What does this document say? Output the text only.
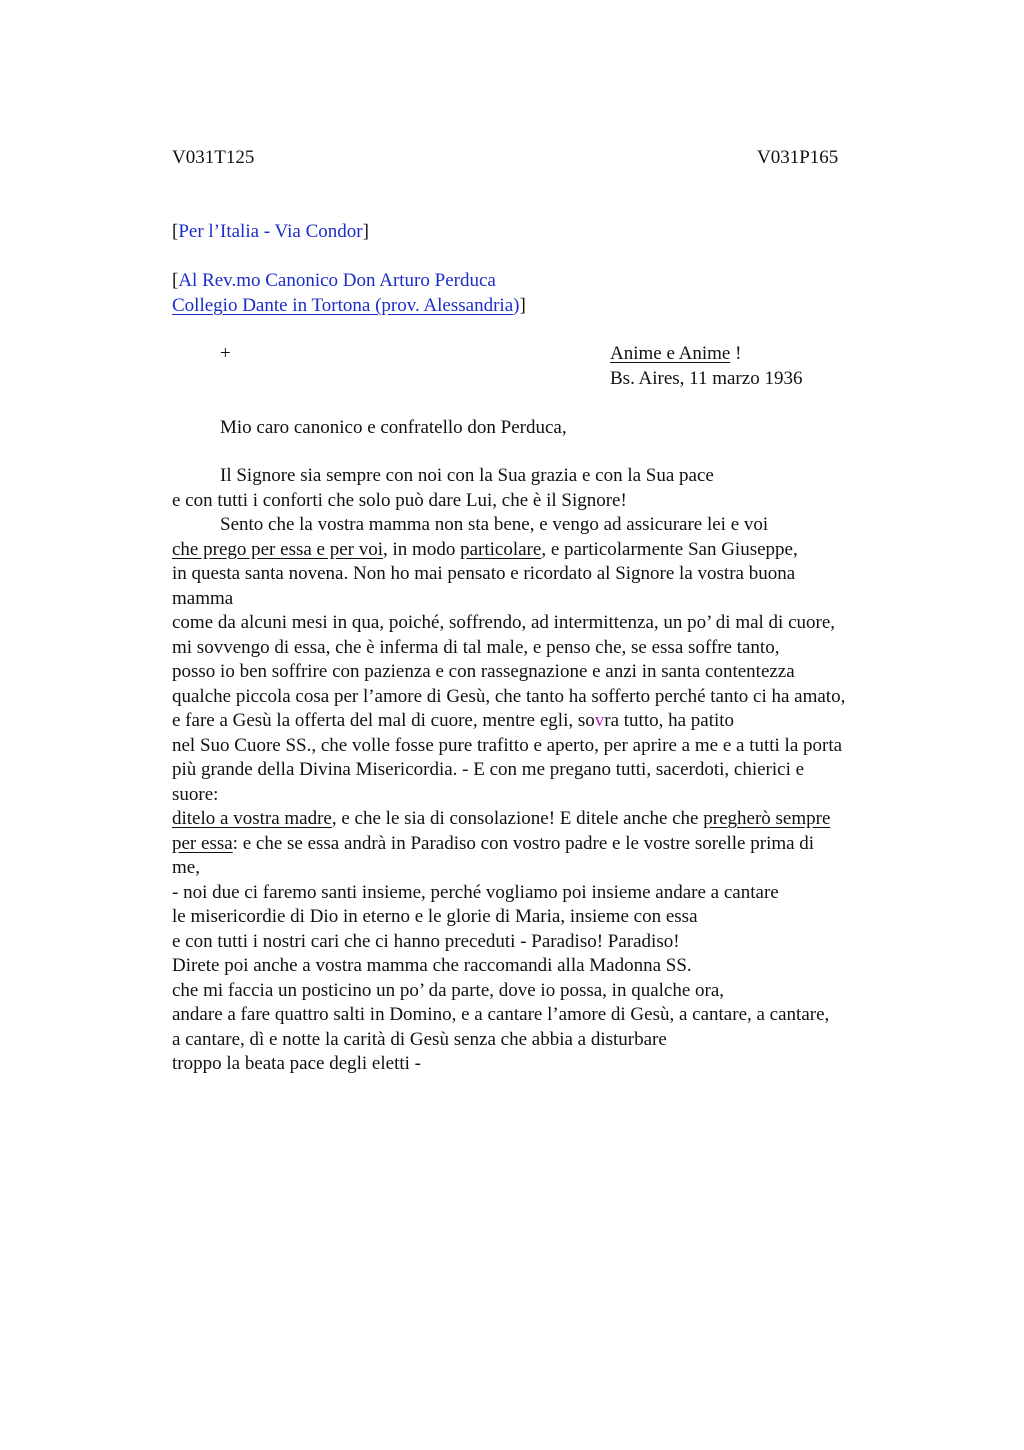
V031T125	V031P165
[Per l’Italia - Via Condor]
[Al Rev.mo Canonico Don Arturo Perduca
Collegio Dante in Tortona (prov. Alessandria)]
+	Anime e Anime !
Bs. Aires, 11 marzo 1936
Mio caro canonico e confratello don Perduca,
Il Signore sia sempre con noi con la Sua grazia e con la Sua pace
e con tutti i conforti che solo può dare Lui, che è il Signore!
Sento che la vostra mamma non sta bene, e vengo ad assicurare lei e voi
che prego per essa e per voi, in modo particolare, e particolarmente San Giuseppe,
in questa santa novena. Non ho mai pensato e ricordato al Signore la vostra buona
mamma
come da alcuni mesi in qua, poiché, soffrendo, ad intermittenza, un po’ di mal di cuore,
mi sovvengo di essa, che è inferma di tal male, e penso che, se essa soffre tanto,
posso io ben soffrire con pazienza e con rassegnazione e anzi in santa contentezza
qualche piccola cosa per l’amore di Gesù, che tanto ha sofferto perché tanto ci ha amato,
e fare a Gesù la offerta del mal di cuore, mentre egli, sovra tutto, ha patito
nel Suo Cuore SS., che volle fosse pure trafitto e aperto, per aprire a me e a tutti la porta
più grande della Divina Misericordia. - E con me pregano tutti, sacerdoti, chierici e
suore:
ditelo a vostra madre, e che le sia di consolazione! E ditele anche che pregherò sempre
per essa: e che se essa andrà in Paradiso con vostro padre e le vostre sorelle prima di
me,
- noi due ci faremo santi insieme, perché vogliamo poi insieme andare a cantare
le misericordie di Dio in eterno e le glorie di Maria, insieme con essa
e con tutti i nostri cari che ci hanno preceduti - Paradiso! Paradiso!
Direte poi anche a vostra mamma che raccomandi alla Madonna SS.
che mi faccia un posticino un po’ da parte, dove io possa, in qualche ora,
andare a fare quattro salti in Domino, e a cantare l’amore di Gesù, a cantare, a cantare,
a cantare, dì e notte la carità di Gesù senza che abbia a disturbare
troppo la beata pace degli eletti -
